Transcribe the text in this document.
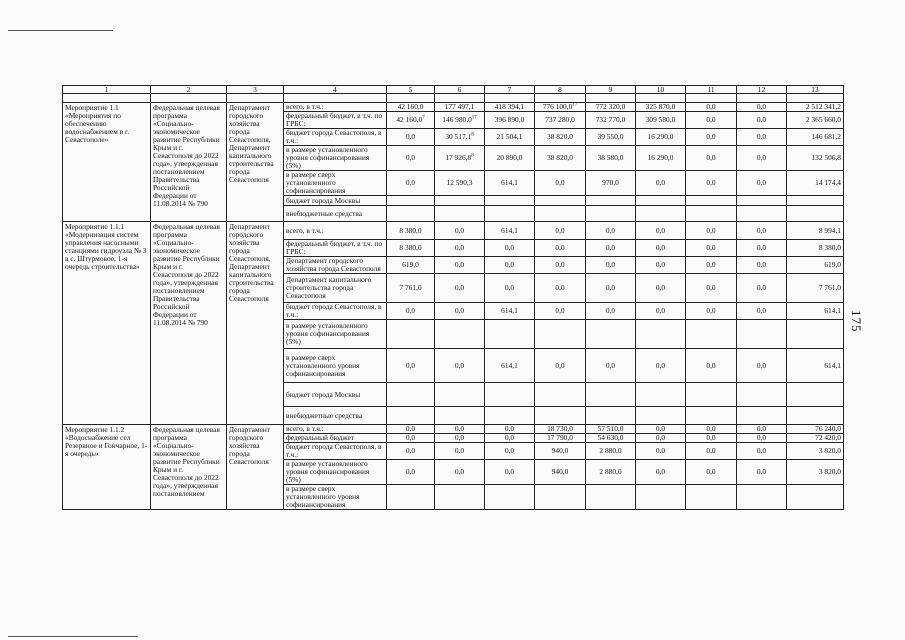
1	2	3	4	5	6	7	8	9	10	11	12	13

Мероприятие 1.1 «Мероприятия по обеспечению водоснабжением в г. Севастополе»	Федеральная целевая программа «Социально-экономическое развитие Республики Крым и г. Севастополя до 2022 года», утвержденная постановлением Правительства Российской Федерации от 11.08.2014 № 790	Департамент городского хозяйства города Севастополя, Департамент капитального строительства города Севастополя	всего, в т.ч.:	42 160,0	177 497,1	418 394,1	776 100,0$^{17}$	772 320,0	325 870,0	0,0	0,0	2 512 341,2
			федеральный бюджет, в т.ч. по ГРБС:	42 160,0$^7$	146 980,0$^{17}$	396 890,0	737 280,0	732 770,0	309 580,0	0,0	0,0	2 365 660,0
			бюджет города Севастополя, в т.ч.:	0,0	30 517,1$^8$	21 504,1	38 820,0	39 550,0	16 290,0	0,0	0,0	146 681,2
			в размере установленного уровня софинансирования (5%)	0,0	17 926,8$^8$	20 890,0	38 820,0	38 580,0	16 290,0	0,0	0,0	132 506,8
			в размере сверх установленного софинансирования	0,0	12 590,3	614,1	0,0	970,0	0,0	0,0	0,0	14 174,4
			бюджет города Москвы									
			внебюджетные средства									
Мероприятие 1.1.1 «Модернизация систем управления насосными станциями гидроузла № 3 в с. Штурмовое, 1-я очередь строительства»	Федеральная целевая программа «Социально-экономическое развитие Республики Крым и г. Севастополя до 2022 года», утвержденная постановлением Правительства Российской Федерации от 11.08.2014 № 790	Департамент городского хозяйства города Севастополя, Департамент капитального строительства города Севастополя	всего, в т.ч.:	8 380,0	0,0	614,1	0,0	0,0	0,0	0,0	0,0	8 994,1
			федеральный бюджет, в т.ч. по ГРБС:	8 380,0	0,0	0,0	0,0	0,0	0,0	0,0	0,0	8 380,0
			Департамент городского хозяйства города Севастополя	619,0	0,0	0,0	0,0	0,0	0,0	0,0	0,0	619,0
			Департамент капитального строительства города Севастополя	7 761,0	0,0	0,0	0,0	0,0	0,0	0,0	0,0	7 761,0
			бюджет города Севастополя, в т.ч.:	0,0	0,0	614,1	0,0	0,0	0,0	0,0	0,0	614,1
			в размере установленного уровня софинансирования (5%)									
			в размере сверх установленного уровня софинансирования	0,0	0,0	614,1	0,0	0,0	0,0	0,0	0,0	614,1
			бюджет города Москвы									
			внебюджетные средства									
Мероприятие 1.1.2 «Водоснабжение сел Резервное и Гончарное, 1-я очередь»	Федеральная целевая программа «Социально-экономическое развитие Республики Крым и г. Севастополя до 2022 года», утвержденная постановлением	Департамент городского хозяйства города Севастополя	всего, в т.ч.:	0,0	0,0	0,0	18 730,0	57 510,0	0,0	0,0	0,0	76 240,0
			федеральный бюджет	0,0	0,0	0,0	17 790,0	54 630,0	0,0	0,0	0,0	72 420,0
			бюджет города Севастополя, в т.ч.:	0,0	0,0	0,0	940,0	2 880,0	0,0	0,0	0,0	3 820,0
			в размере установленного уровня софинансирования (5%)	0,0	0,0	0,0	940,0	2 880,0	0,0	0,0	0,0	3 820,0
			в размере сверх установленного уровня софинансирования									
175
